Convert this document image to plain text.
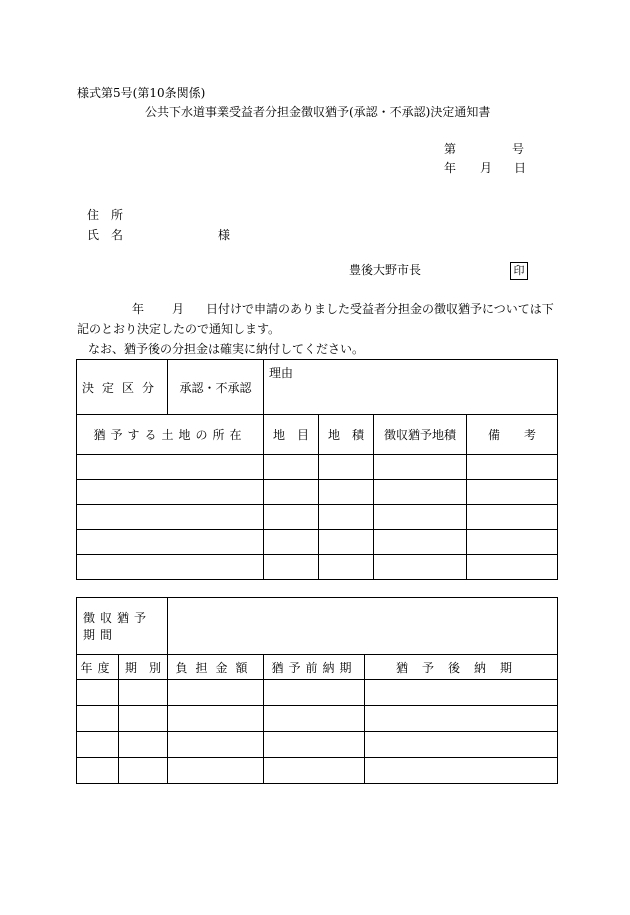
様式第5号(第10条関係)
公共下水道事業受益者分担金徴収猶予(承認・不承認)決定通知書
第	号
年 月 日
住　所
氏　名	様
豊後大野市長	印
年 月 日付けで申請のありました受益者分担金の徴収猶予については下
記のとおり決定したので通知します。
なお、猶予後の分担金は確実に納付してください。
決定区分	承認・不承認	理由			
猶予する土地の所在		地　目	地　積	徴収猶予地積	備　　考

徴収猶予期間				
年度	期　別	負担金額	猶予前納期	猶予後納期
